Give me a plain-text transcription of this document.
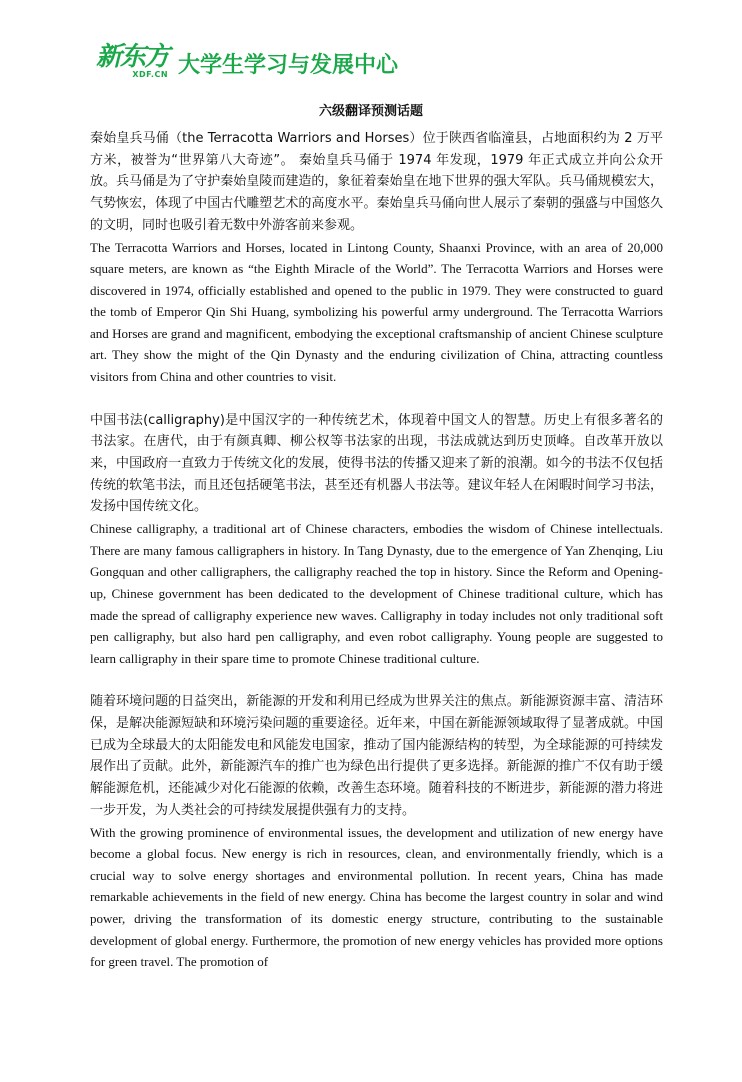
新东方
XDF.CN 大学生学习与发展中心
六级翻译预测话题

秦始皇兵马俑（the Terracotta Warriors and Horses）位于陕西省临潼县，占地面积约为 2 万平方米，被誉为“世界第八大奇迹”。 秦始皇兵马俑于 1974 年发现，1979 年正式成立并向公众开放。兵马俑是为了守护秦始皇陵而建造的，象征着秦始皇在地下世界的强大军队。兵马俑规模宏大，气势恢宏，体现了中国古代雕塑艺术的高度水平。秦始皇兵马俑向世人展示了秦朝的强盛与中国悠久的文明，同时也吸引着无数中外游客前来参观。

The Terracotta Warriors and Horses, located in Lintong County, Shaanxi Province, with an area of 20,000 square meters, are known as “the Eighth Miracle of the World”. The Terracotta Warriors and Horses were discovered in 1974, officially established and opened to the public in 1979. They were constructed to guard the tomb of Emperor Qin Shi Huang, symbolizing his powerful army underground. The Terracotta Warriors and Horses are grand and magnificent, embodying the exceptional craftsmanship of ancient Chinese sculpture art. They show the might of the Qin Dynasty and the enduring civilization of China, attracting countless visitors from China and other countries to visit.

中国书法(calligraphy)是中国汉字的一种传统艺术，体现着中国文人的智慧。历史上有很多著名的书法家。在唐代，由于有颜真卿、柳公权等书法家的出现，书法成就达到历史顶峰。自改革开放以来，中国政府一直致力于传统文化的发展，使得书法的传播又迎来了新的浪潮。如今的书法不仅包括传统的软笔书法，而且还包括硬笔书法，甚至还有机器人书法等。建议年轻人在闲暇时间学习书法，发扬中国传统文化。

Chinese calligraphy, a traditional art of Chinese characters, embodies the wisdom of Chinese intellectuals. There are many famous calligraphers in history. In Tang Dynasty, due to the emergence of Yan Zhenqing, Liu Gongquan and other calligraphers, the calligraphy reached the top in history. Since the Reform and Opening-up, Chinese government has been dedicated to the development of Chinese traditional culture, which has made the spread of calligraphy experience new waves. Calligraphy in today includes not only traditional soft pen calligraphy, but also hard pen calligraphy, and even robot calligraphy. Young people are suggested to learn calligraphy in their spare time to promote Chinese traditional culture.

随着环境问题的日益突出，新能源的开发和利用已经成为世界关注的焦点。新能源资源丰富、清洁环保，是解决能源短缺和环境污染问题的重要途径。近年来，中国在新能源领域取得了显著成就。中国已成为全球最大的太阳能发电和风能发电国家，推动了国内能源结构的转型，为全球能源的可持续发展作出了贡献。此外，新能源汽车的推广也为绿色出行提供了更多选择。新能源的推广不仅有助于缓解能源危机，还能减少对化石能源的依赖，改善生态环境。随着科技的不断进步，新能源的潜力将进一步开发，为人类社会的可持续发展提供强有力的支持。

With the growing prominence of environmental issues, the development and utilization of new energy have become a global focus. New energy is rich in resources, clean, and environmentally friendly, which is a crucial way to solve energy shortages and environmental pollution. In recent years, China has made remarkable achievements in the field of new energy. China has become the largest country in solar and wind power, driving the transformation of its domestic energy structure, contributing to the sustainable development of global energy. Furthermore, the promotion of new energy vehicles has provided more options for green travel. The promotion of
